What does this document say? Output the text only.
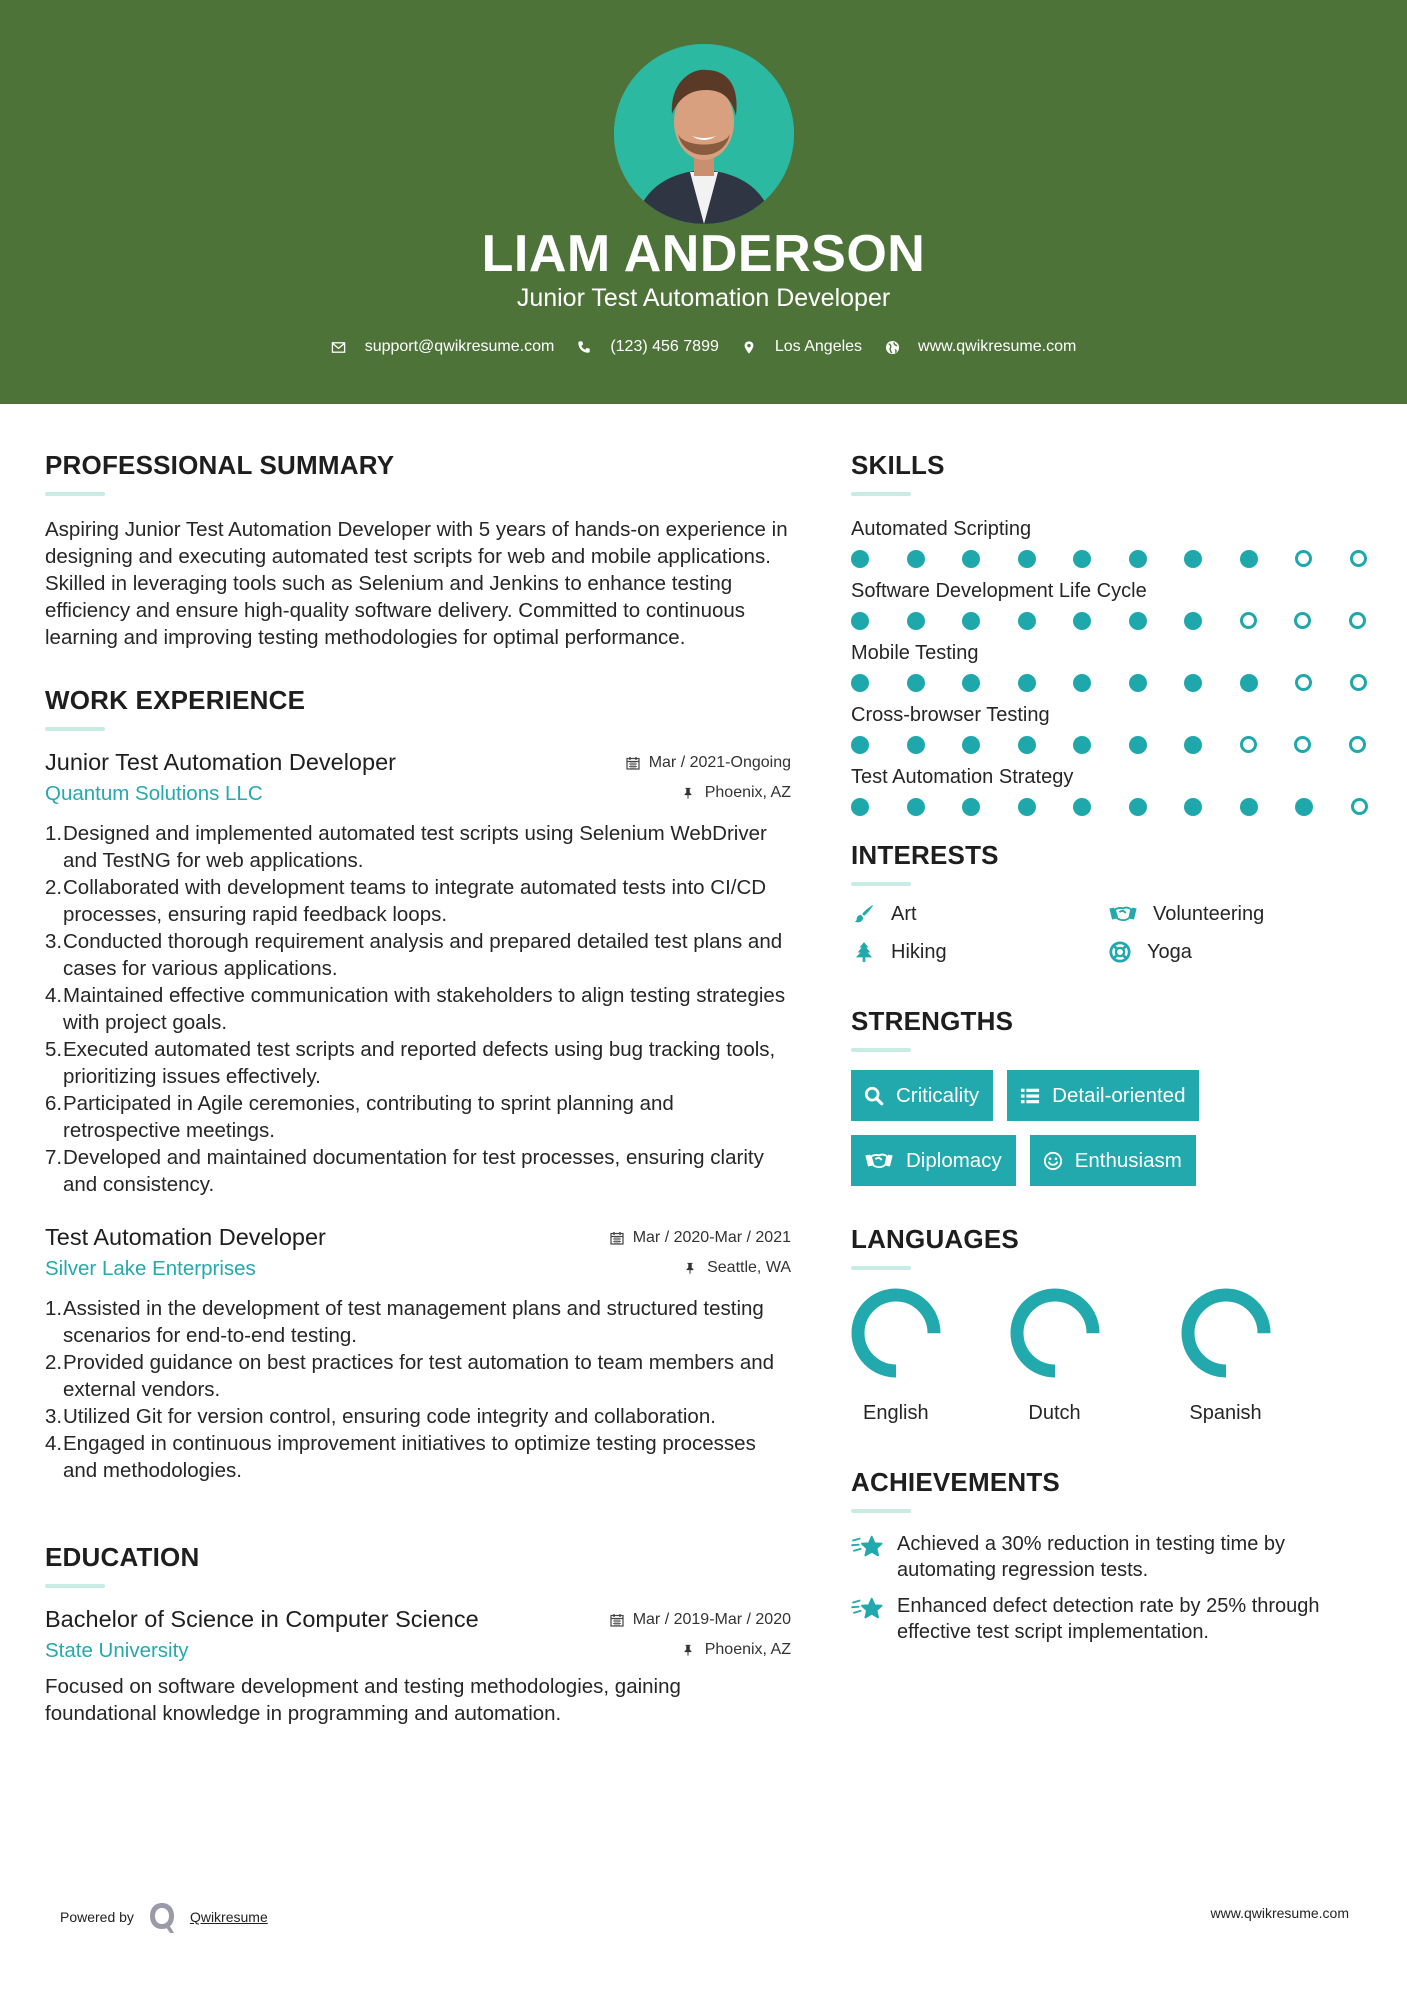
LIAM ANDERSON
Junior Test Automation Developer
support@qwikresume.com	(123) 456 7899	Los Angeles	www.qwikresume.com
PROFESSIONAL SUMMARY

Aspiring Junior Test Automation Developer with 5 years of hands-on experience in designing and executing automated test scripts for web and mobile applications. Skilled in leveraging tools such as Selenium and Jenkins to enhance testing efficiency and ensure high-quality software delivery. Committed to continuous learning and improving testing methodologies for optimal performance.

WORK EXPERIENCE
Junior Test Automation Developer	Mar / 2021-Ongoing
Quantum Solutions LLC	Phoenix, AZ
1.Designed and implemented automated test scripts using Selenium WebDriver and TestNG for web applications.
2.Collaborated with development teams to integrate automated tests into CI/CD processes, ensuring rapid feedback loops.
3.Conducted thorough requirement analysis and prepared detailed test plans and cases for various applications.
4.Maintained effective communication with stakeholders to align testing strategies with project goals.
5.Executed automated test scripts and reported defects using bug tracking tools, prioritizing issues effectively.
6.Participated in Agile ceremonies, contributing to sprint planning and retrospective meetings.
7.Developed and maintained documentation for test processes, ensuring clarity and consistency.
Test Automation Developer	Mar / 2020-Mar / 2021
Silver Lake Enterprises	Seattle, WA
1.Assisted in the development of test management plans and structured testing scenarios for end-to-end testing.
2.Provided guidance on best practices for test automation to team members and external vendors.
3.Utilized Git for version control, ensuring code integrity and collaboration.
4.Engaged in continuous improvement initiatives to optimize testing processes and methodologies.
EDUCATION
Bachelor of Science in Computer Science	Mar / 2019-Mar / 2020
State University	Phoenix, AZ

Focused on software development and testing methodologies, gaining foundational knowledge in programming and automation.

SKILLS
Automated Scripting
Software Development Life Cycle
Mobile Testing
Cross-browser Testing
Test Automation Strategy
INTERESTS
Art	Volunteering
Hiking	Yoga
STRENGTHS
Criticality	Detail-oriented
Diplomacy	Enthusiasm
LANGUAGES
English	Dutch	Spanish
ACHIEVEMENTS
Achieved a 30% reduction in testing time by automating regression tests.
Enhanced defect detection rate by 25% through effective test script implementation.
Powered by	Qwikresume	www.qwikresume.com
